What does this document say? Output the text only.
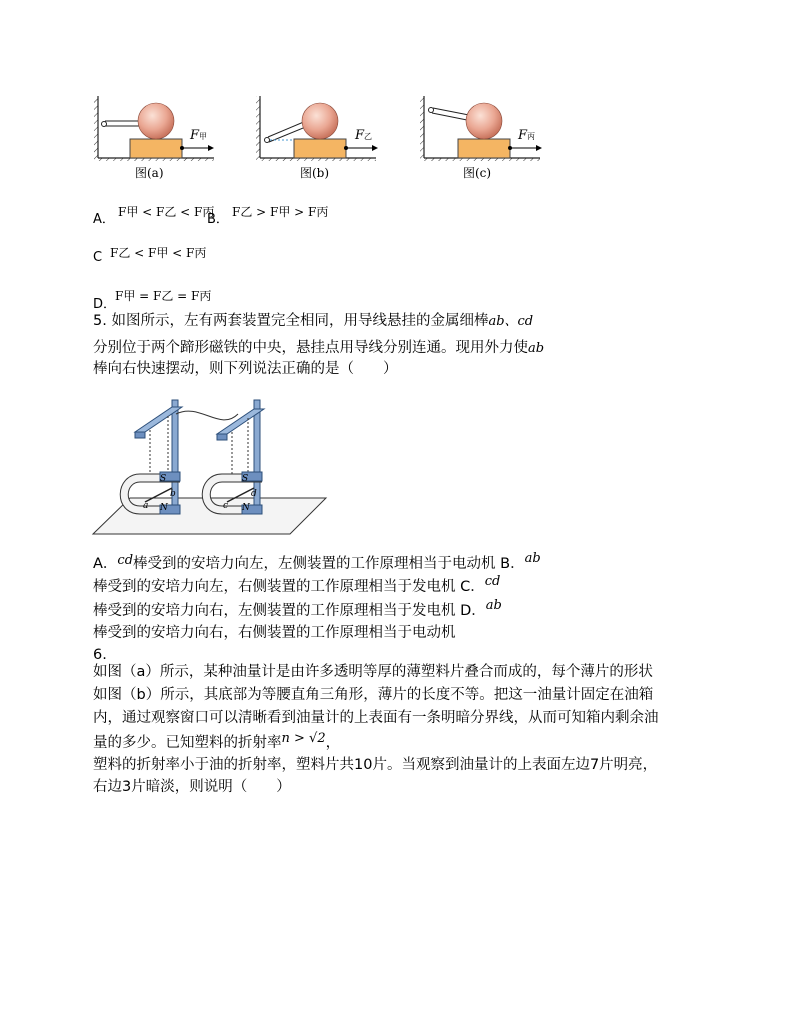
F甲	F乙	F丙
图(a)	图(b)	图(c)
A． F甲 < F乙 < F丙
B． F乙 > F甲 > F丙
C F乙 < F甲 < F丙
D．
F甲 = F乙 = F丙
5. 如图所示，左有两套装置完全相同，用导线悬挂的金属细棒ab、cd
分别位于两个蹄形磁铁的中央，悬挂点用导线分别连通。现用外力使ab
棒向右快速摆动，则下列说法正确的是（　　）
S
N
a
b
S
N
c
d
A．cd棒受到的安培力向左，左侧装置的工作原理相当于电动机 B．ab
棒受到的安培力向左，右侧装置的工作原理相当于发电机 C．cd
棒受到的安培力向右，左侧装置的工作原理相当于发电机 D．ab
棒受到的安培力向右，右侧装置的工作原理相当于电动机
6.
如图（a）所示，某种油量计是由许多透明等厚的薄塑料片叠合而成的，每个薄片的形状
如图（b）所示，其底部为等腰直角三角形，薄片的长度不等。把这一油量计固定在油箱
内，通过观察窗口可以清晰看到油量计的上表面有一条明暗分界线，从而可知箱内剩余油
量的多少。已知塑料的折射率n > √2，
塑料的折射率小于油的折射率，塑料片共10片。当观察到油量计的上表面左边7片明亮，
右边3片暗淡，则说明（　　）
